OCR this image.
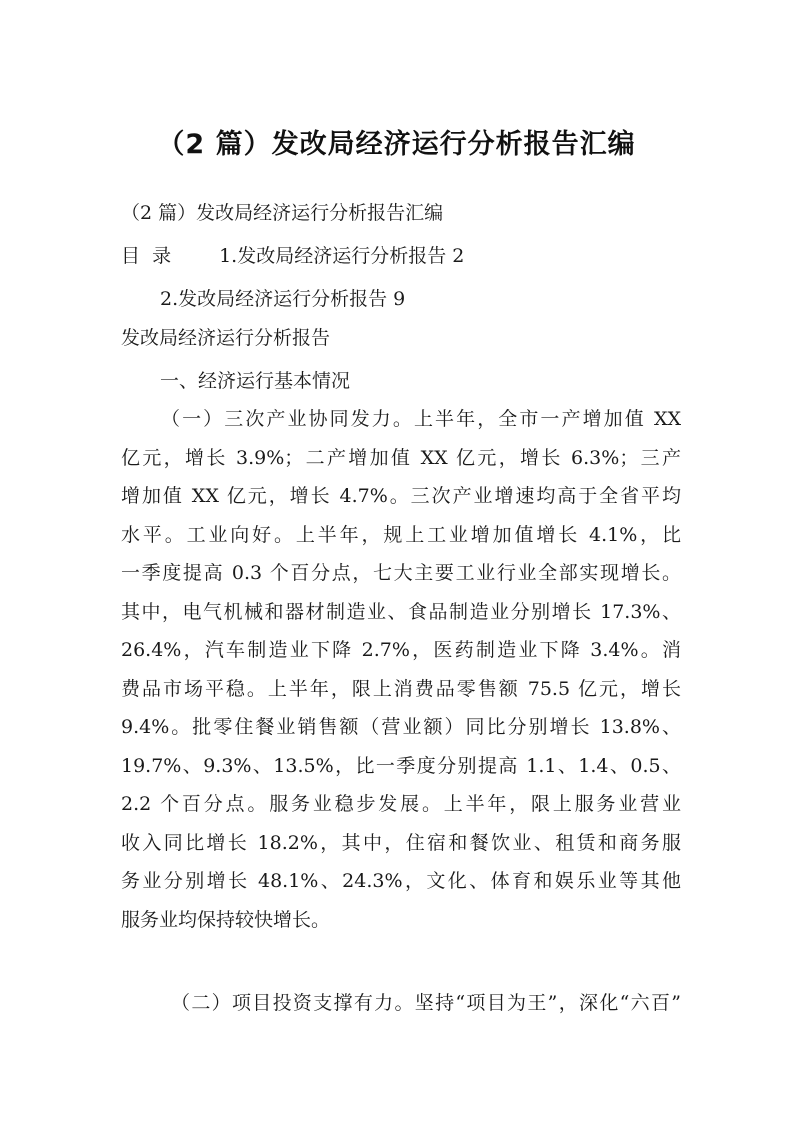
（2 篇）发改局经济运行分析报告汇编
（2 篇）发改局经济运行分析报告汇编
目  录	1.发改局经济运行分析报告 2
2.发改局经济运行分析报告 9
发改局经济运行分析报告
一、经济运行基本情况
（一）三次产业协同发力。上半年，全市一产增加值 XX
亿元，增长 3.9%；二产增加值 XX 亿元，增长 6.3%；三产
增加值 XX 亿元，增长 4.7%。三次产业增速均高于全省平均
水平。工业向好。上半年，规上工业增加值增长 4.1%，比
一季度提高 0.3 个百分点，七大主要工业行业全部实现增长。
其中，电气机械和器材制造业、食品制造业分别增长 17.3%、
26.4%，汽车制造业下降 2.7%，医药制造业下降 3.4%。消
费品市场平稳。上半年，限上消费品零售额 75.5 亿元，增长
9.4%。批零住餐业销售额（营业额）同比分别增长 13.8%、
19.7%、9.3%、13.5%，比一季度分别提高 1.1、1.4、0.5、
2.2 个百分点。服务业稳步发展。上半年，限上服务业营业
收入同比增长 18.2%，其中，住宿和餐饮业、租赁和商务服
务业分别增长 48.1%、24.3%，文化、体育和娱乐业等其他
服务业均保持较快增长。
（二）项目投资支撑有力。坚持“项目为王”，深化“六百”
